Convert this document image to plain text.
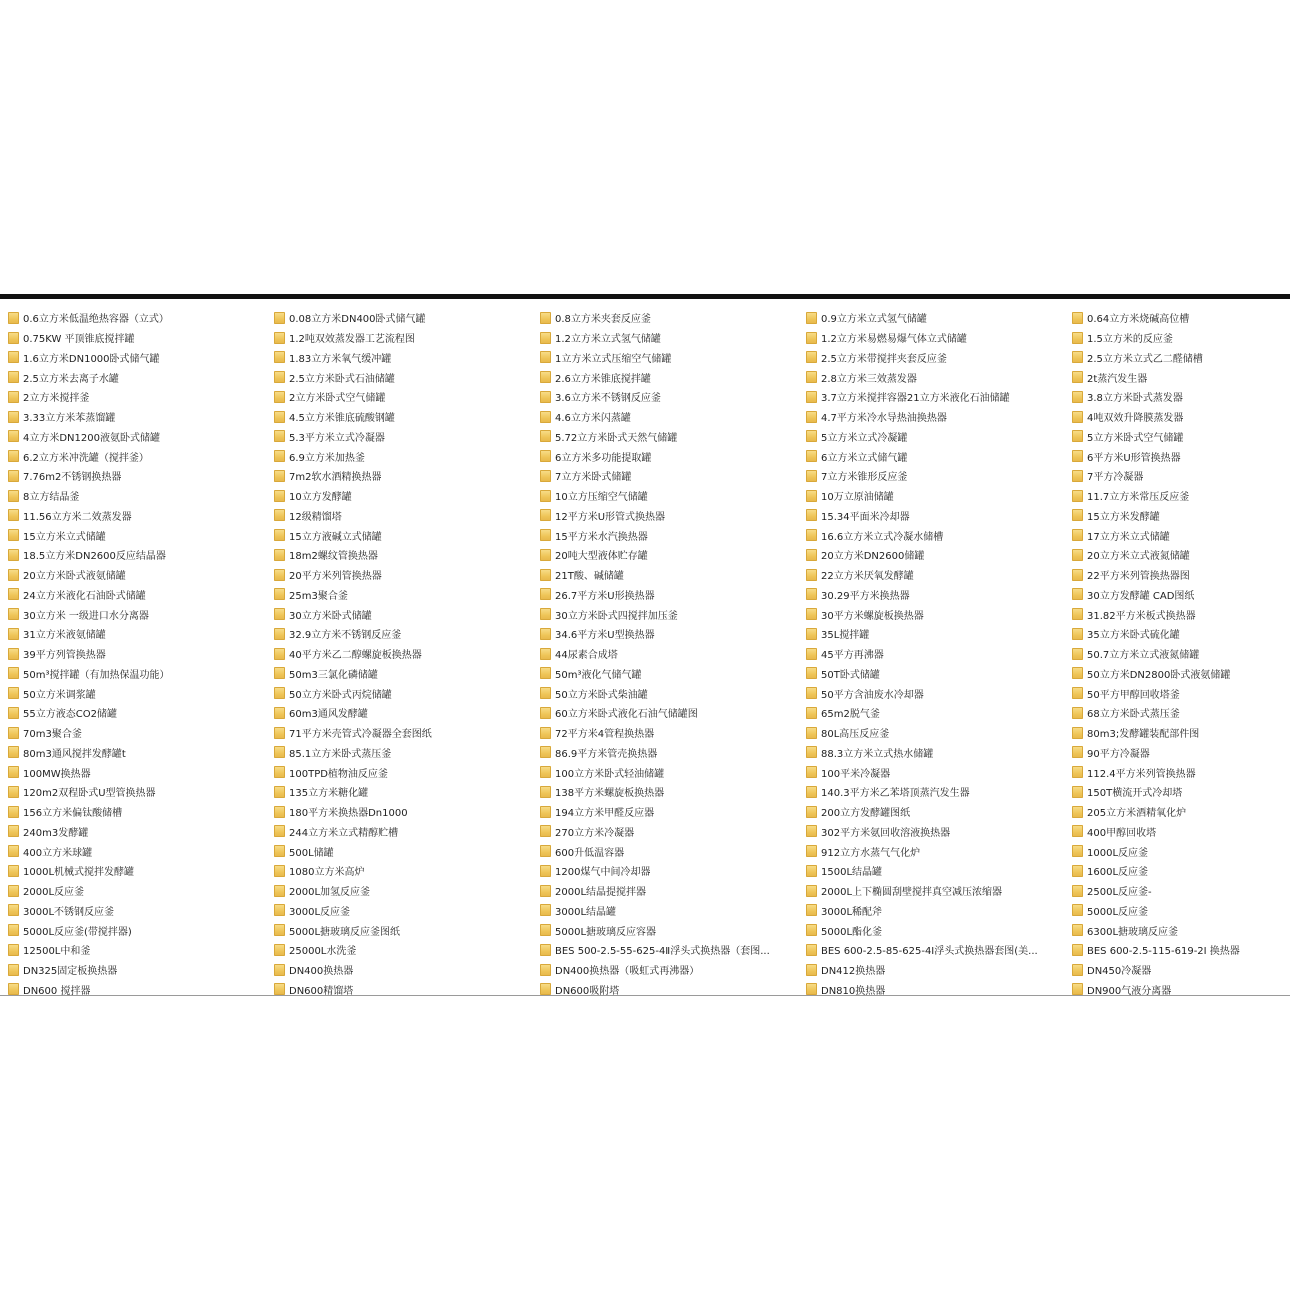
0.6立方米低温绝热容器（立式）
0.75KW 平顶锥底搅拌罐
1.6立方米DN1000卧式储气罐
2.5立方米去离子水罐
2立方米搅拌釜
3.33立方米苯蒸馏罐
4立方米DN1200液氨卧式储罐
6.2立方米冲洗罐（搅拌釜）
7.76m2不锈钢换热器
8立方结晶釜
11.56立方米二效蒸发器
15立方米立式储罐
18.5立方米DN2600反应结晶器
20立方米卧式液氨储罐
24立方米液化石油卧式储罐
30立方米 一级进口水分离器
31立方米液氨储罐
39平方列管换热器
50m³搅拌罐（有加热保温功能）
50立方米调浆罐
55立方液态CO2储罐
70m3聚合釜
80m3通风搅拌发酵罐t
100MW换热器
120m2双程卧式U型管换热器
156立方米偏钛酸储槽
240m3发酵罐
400立方米球罐
1000L机械式搅拌发酵罐
2000L反应釜
3000L不锈钢反应釜
5000L反应釜(带搅拌器)
12500L中和釜
DN325固定板换热器
DN600 搅拌器
0.08立方米DN400卧式储气罐
1.2吨双效蒸发器工艺流程图
1.83立方米氧气缓冲罐
2.5立方米卧式石油储罐
2立方米卧式空气储罐
4.5立方米锥底硫酸钢罐
5.3平方米立式冷凝器
6.9立方米加热釜
7m2软水酒精换热器
10立方发酵罐
12级精馏塔
15立方液碱立式储罐
18m2螺纹管换热器
20平方米列管换热器
25m3聚合釜
30立方米卧式储罐
32.9立方米不锈钢反应釜
40平方米乙二醇螺旋板换热器
50m3三氯化磷储罐
50立方米卧式丙烷储罐
60m3通风发酵罐
71平方米壳管式冷凝器全套图纸
85.1立方米卧式蒸压釜
100TPD植物油反应釜
135立方米糖化罐
180平方米换热器Dn1000
244立方米立式精醇贮槽
500L储罐
1080立方米高炉
2000L加氢反应釜
3000L反应釜
5000L搪玻璃反应釜图纸
25000L水洗釜
DN400换热器
DN600精馏塔
0.8立方米夹套反应釜
1.2立方米立式氢气储罐
1立方米立式压缩空气储罐
2.6立方米锥底搅拌罐
3.6立方米不锈钢反应釜
4.6立方米闪蒸罐
5.72立方米卧式天然气储罐
6立方米多功能提取罐
7立方米卧式储罐
10立方压缩空气储罐
12平方米U形管式换热器
15平方米水汽换热器
20吨大型液体贮存罐
21T酸、碱储罐
26.7平方米U形换热器
30立方米卧式四搅拌加压釜
34.6平方米U型换热器
44尿素合成塔
50m³液化气储气罐
50立方米卧式柴油罐
60立方米卧式液化石油气储罐图
72平方米4管程换热器
86.9平方米管壳换热器
100立方米卧式轻油储罐
138平方米螺旋板换热器
194立方米甲醛反应器
270立方米冷凝器
600升低温容器
1200煤气中间冷却器
2000L结晶提搅拌器
3000L结晶罐
5000L搪玻璃反应容器
BES 500-2.5-55-625-4Ⅱ浮头式换热器（套图...
DN400换热器（吸虹式再沸器）
DN600吸附塔
0.9立方米立式氢气储罐
1.2立方米易燃易爆气体立式储罐
2.5立方米带搅拌夹套反应釜
2.8立方米三效蒸发器
3.7立方米搅拌容器21立方米液化石油储罐
4.7平方米冷水导热油换热器
5立方米立式冷凝罐
6立方米立式储气罐
7立方米锥形反应釜
10万立原油储罐
15.34平面米冷却器
16.6立方米立式冷凝水储槽
20立方米DN2600储罐
22立方米厌氧发酵罐
30.29平方米换热器
30平方米螺旋板换热器
35L搅拌罐
45平方再沸器
50T卧式储罐
50平方含油废水冷却器
65m2脱气釜
80L高压反应釜
88.3立方米立式热水储罐
100平米冷凝器
140.3平方米乙苯塔顶蒸汽发生器
200立方发酵罐图纸
302平方米氨回收溶液换热器
912立方水蒸气气化炉
1500L结晶罐
2000L上下椭圆刮壁搅拌真空减压浓缩器
3000L稀配斧
5000L酯化釜
BES 600-2.5-85-625-4I浮头式换热器套图(美...
DN412换热器
DN810换热器
0.64立方米烧碱高位槽
1.5立方米的反应釜
2.5立方米立式乙二醛储槽
2t蒸汽发生器
3.8立方米卧式蒸发器
4吨双效升降膜蒸发器
5立方米卧式空气储罐
6平方米U形管换热器
7平方冷凝器
11.7立方米常压反应釜
15立方米发酵罐
17立方米立式储罐
20立方米立式液氮储罐
22平方米列管换热器图
30立方发酵罐 CAD图纸
31.82平方米板式换热器
35立方米卧式硫化罐
50.7立方米立式液氮储罐
50立方米DN2800卧式液氨储罐
50平方甲醇回收塔釜
68立方米卧式蒸压釜
80m3;发酵罐装配部件图
90平方冷凝器
112.4平方米列管换热器
150T横流开式冷却塔
205立方米酒精氧化炉
400甲醇回收塔
1000L反应釜
1600L反应釜
2500L反应釜-
5000L反应釜
6300L搪玻璃反应釜
BES 600-2.5-115-619-2I 换热器
DN450冷凝器
DN900气液分离器
